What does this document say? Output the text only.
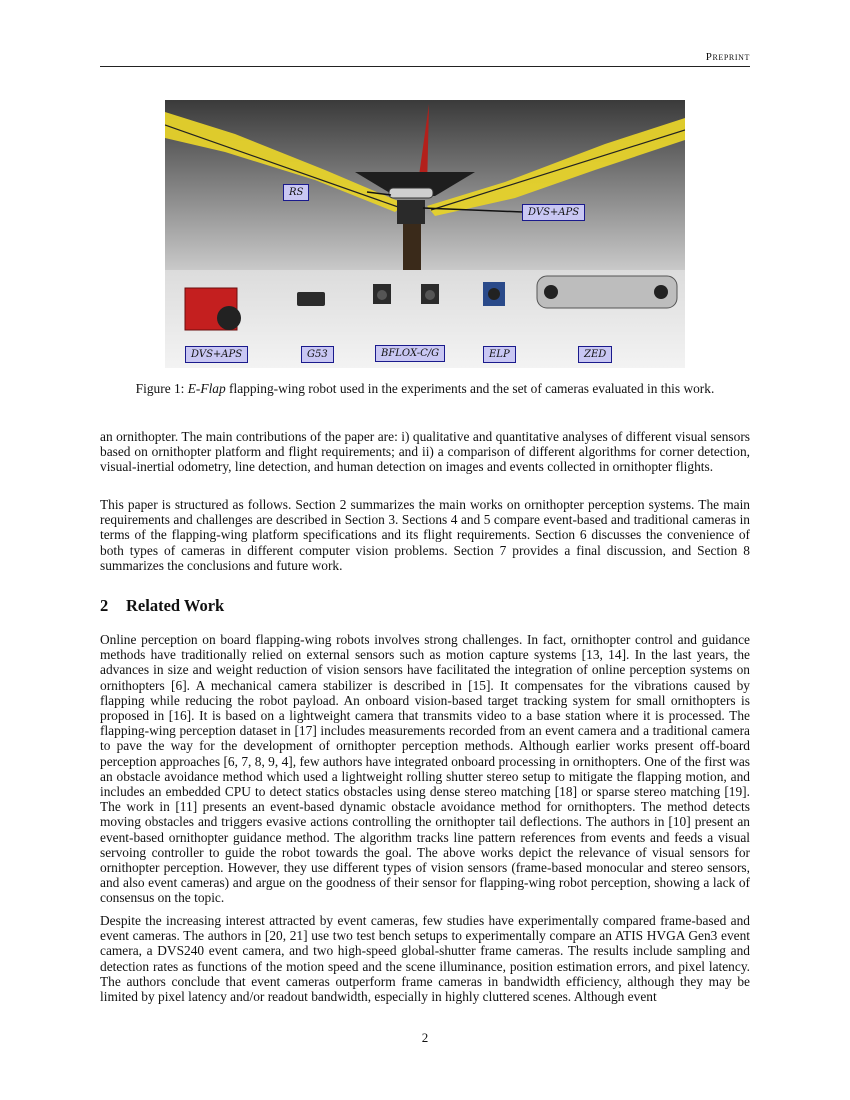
Preprint
RS
DVS+APS
DVS+APS	G53	BFLOX-C/G	ELP	ZED
Figure 1: E-Flap flapping-wing robot used in the experiments and the set of cameras evaluated in this work.
an ornithopter. The main contributions of the paper are: i) qualitative and quantitative analyses of different visual sensors based on ornithopter platform and flight requirements; and ii) a comparison of different algorithms for corner detection, visual-inertial odometry, line detection, and human detection on images and events collected in ornithopter flights.
This paper is structured as follows. Section 2 summarizes the main works on ornithopter perception systems. The main requirements and challenges are described in Section 3. Sections 4 and 5 compare event-based and traditional cameras in terms of the flapping-wing platform specifications and its flight requirements. Section 6 discusses the convenience of both types of cameras in different computer vision problems. Section 7 provides a final discussion, and Section 8 summarizes the conclusions and future work.
2 Related Work
Online perception on board flapping-wing robots involves strong challenges. In fact, ornithopter control and guidance methods have traditionally relied on external sensors such as motion capture systems [13, 14]. In the last years, the advances in size and weight reduction of vision sensors have facilitated the integration of online perception systems on ornithopters [6]. A mechanical camera stabilizer is described in [15]. It compensates for the vibrations caused by flapping while reducing the robot payload. An onboard vision-based target tracking system for small ornithopters is proposed in [16]. It is based on a lightweight camera that transmits video to a base station where it is processed. The flapping-wing perception dataset in [17] includes measurements recorded from an event camera and a traditional camera to pave the way for the development of ornithopter perception methods. Although earlier works present off-board perception approaches [6, 7, 8, 9, 4], few authors have integrated onboard processing in ornithopters. One of the first was an obstacle avoidance method which used a lightweight rolling shutter stereo setup to mitigate the flapping motion, and includes an embedded CPU to detect statics obstacles using dense stereo matching [18] or sparse stereo matching [19]. The work in [11] presents an event-based dynamic obstacle avoidance method for ornithopters. The method detects moving obstacles and triggers evasive actions controlling the ornithopter tail deflections. The authors in [10] present an event-based ornithopter guidance method. The algorithm tracks line pattern references from events and feeds a visual servoing controller to guide the robot towards the goal. The above works depict the relevance of visual sensors for ornithopter perception. However, they use different types of vision sensors (frame-based monocular and stereo sensors, and also event cameras) and argue on the goodness of their sensor for flapping-wing robot perception, showing a lack of consensus on the topic.
Despite the increasing interest attracted by event cameras, few studies have experimentally compared frame-based and event cameras. The authors in [20, 21] use two test bench setups to experimentally compare an ATIS HVGA Gen3 event camera, a DVS240 event camera, and two high-speed global-shutter frame cameras. The results include sampling and detection rates as functions of the motion speed and the scene illuminance, position estimation errors, and pixel latency. The authors conclude that event cameras outperform frame cameras in bandwidth efficiency, although they may be limited by pixel latency and/or readout bandwidth, especially in highly cluttered scenes. Although event
2
